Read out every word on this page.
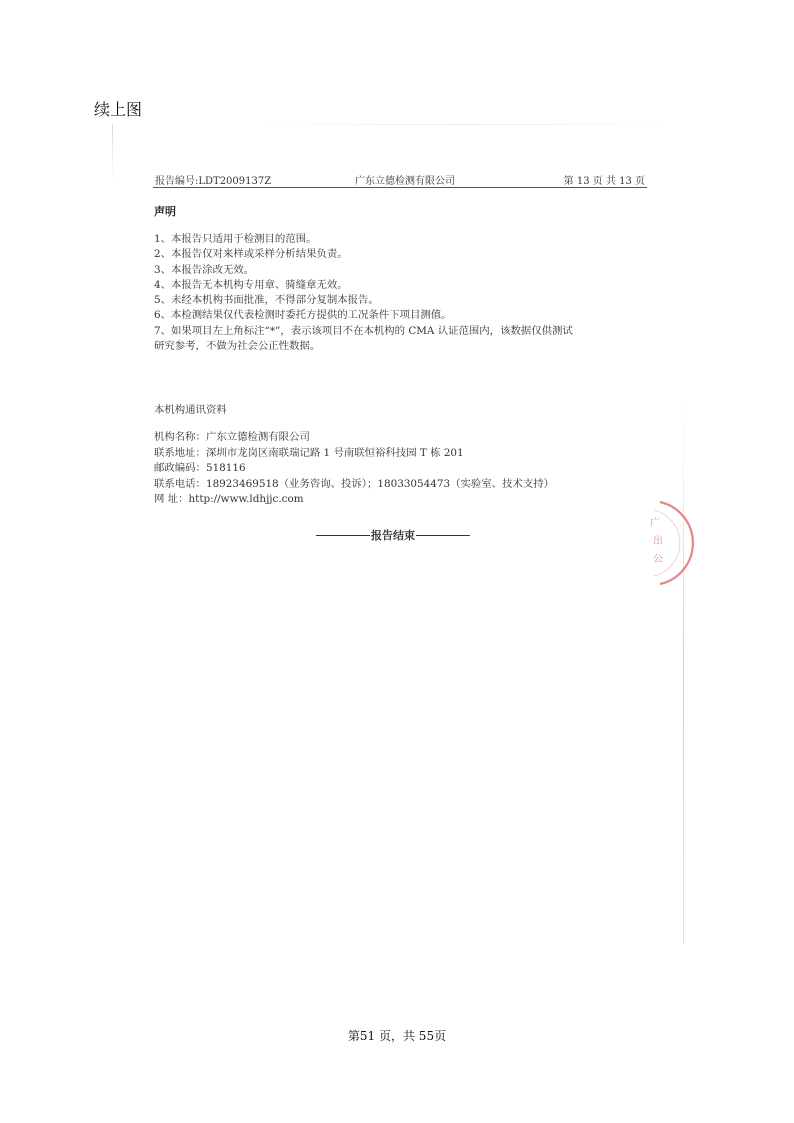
续上图
报告编号:LDT2009137Z	广东立德检测有限公司	第 13 页 共 13 页
声明
1、本报告只适用于检测目的范围。
2、本报告仅对来样或采样分析结果负责。
3、本报告涂改无效。
4、本报告无本机构专用章、骑缝章无效。
5、未经本机构书面批准，不得部分复制本报告。
6、本检测结果仅代表检测时委托方提供的工况条件下项目测值。
7、如果项目左上角标注“*”，表示该项目不在本机构的 CMA 认证范围内，该数据仅供测试
研究参考，不做为社会公正性数据。
本机构通讯资料
机构名称：广东立德检测有限公司
联系地址：深圳市龙岗区南联瑞记路 1 号南联恒裕科技园 T 栋 201
邮政编码：518116
联系电话：18923469518（业务咨询、投诉）；18033054473（实验室、技术支持）
网 址：http://www.ldhjjc.com
报告结束
广
出
公
第51 页，共 55页
